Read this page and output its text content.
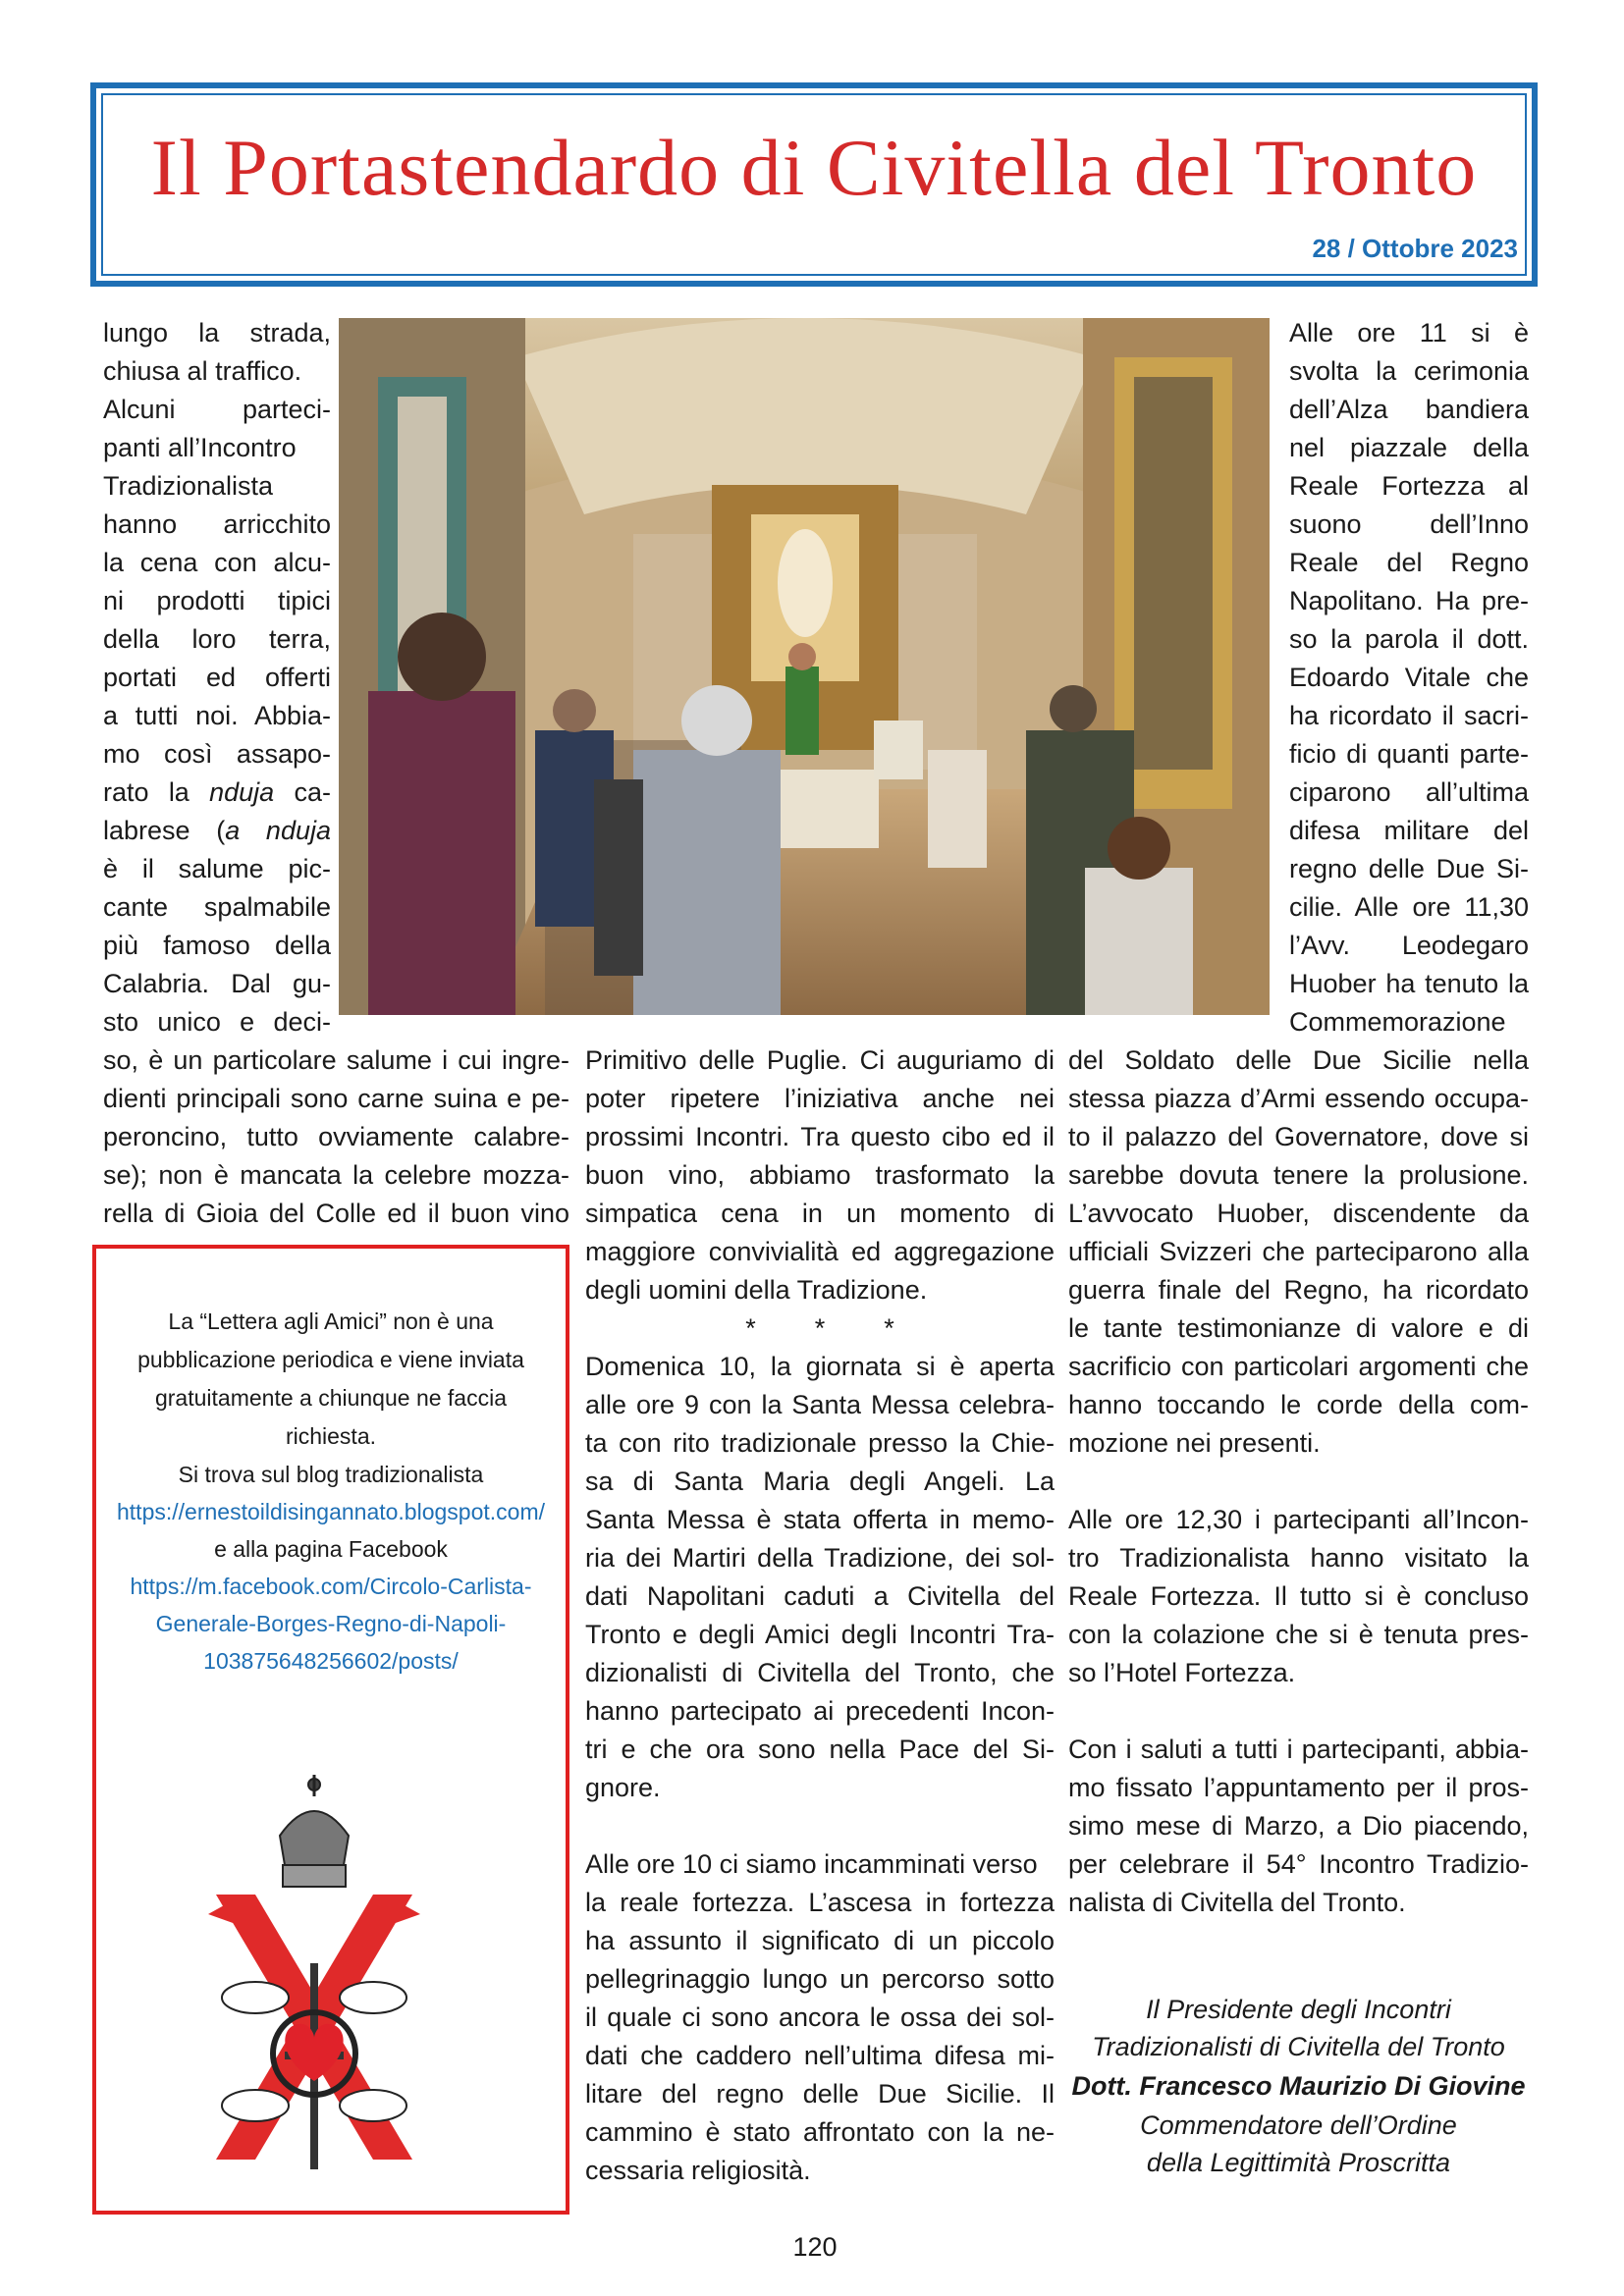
Il Portastendardo di Civitella del Tronto
28 / Ottobre 2023
lungo la strada,
chiusa al traffico.
Alcuni	parteci-
panti all’Incontro
Tradizionalista
hanno arricchito
la cena con alcu-
ni prodotti tipici
della loro terra,
portati ed offerti
a tutti noi. Abbia-
mo così assapo-
rato la nduja ca-
labrese (a nduja
è il salume pic-
cante spalmabile
più famoso della
Calabria. Dal gu-
sto unico e deci-
so, è un particolare salume i cui ingre-
dienti principali sono carne suina e pe-
peroncino, tutto ovviamente calabre-
se); non è mancata la celebre mozza-
rella di Gioia del Colle ed il buon vino
Primitivo delle Puglie. Ci auguriamo di
poter ripetere l’iniziativa anche nei
prossimi Incontri. Tra questo cibo ed il
buon vino, abbiamo trasformato la
simpatica cena in un momento di
maggiore convivialità ed aggregazione
degli uomini della Tradizione.
*        *        *
Domenica 10, la giornata si è aperta
alle ore 9 con la Santa Messa celebra-
ta con rito tradizionale presso la Chie-
sa di Santa Maria degli Angeli. La
Santa Messa è stata offerta in memo-
ria dei Martiri della Tradizione, dei sol-
dati Napolitani caduti a Civitella del
Tronto e degli Amici degli Incontri Tra-
dizionalisti di Civitella del Tronto, che
hanno partecipato ai precedenti Incon-
tri e che ora sono nella Pace del Si-
gnore.
Alle ore 10 ci siamo incamminati verso
la reale fortezza. L’ascesa in fortezza
ha assunto il significato di un piccolo
pellegrinaggio lungo un percorso sotto
il quale ci sono ancora le ossa dei sol-
dati che caddero nell’ultima difesa mi-
litare del regno delle Due Sicilie. Il
cammino è stato affrontato con la ne-
cessaria religiosità.
Alle ore 11 si è
svolta la cerimonia
dell’Alza bandiera
nel piazzale della
Reale Fortezza al
suono dell’Inno
Reale del Regno
Napolitano. Ha pre-
so la parola il dott.
Edoardo Vitale che
ha ricordato il sacri-
ficio di quanti parte-
ciparono all’ultima
difesa militare del
regno delle Due Si-
cilie. Alle ore 11,30
l’Avv. Leodegaro
Huober ha tenuto la
Commemorazione
del Soldato delle Due Sicilie nella
stessa piazza d’Armi essendo occupa-
to il palazzo del Governatore, dove si
sarebbe dovuta tenere la prolusione.
L’avvocato Huober, discendente da
ufficiali Svizzeri che parteciparono alla
guerra finale del Regno, ha ricordato
le tante testimonianze di valore e di
sacrificio con particolari argomenti che
hanno toccando le corde della com-
mozione nei presenti.
Alle ore 12,30 i partecipanti all’Incon-
tro Tradizionalista hanno visitato la
Reale Fortezza. Il tutto si è concluso
con la colazione che si è tenuta pres-
so l’Hotel Fortezza.
Con i saluti a tutti i partecipanti, abbia-
mo fissato l’appuntamento per il pros-
simo mese di Marzo, a Dio piacendo,
per celebrare il 54° Incontro Tradizio-
nalista di Civitella del Tronto.
Il Presidente degli Incontri
Tradizionalisti di Civitella del Tronto
Dott. Francesco Maurizio Di Giovine
Commendatore dell’Ordine
della Legittimità Proscritta
La “Lettera agli Amici” non è una
pubblicazione periodica e viene inviata
gratuitamente a chiunque ne faccia
richiesta.
Si trova sul blog tradizionalista
https://ernestoildisingannato.blogspot.com/
e alla pagina Facebook
https://m.facebook.com/Circolo-Carlista-
Generale-Borges-Regno-di-Napoli-
103875648256602/posts/
120
